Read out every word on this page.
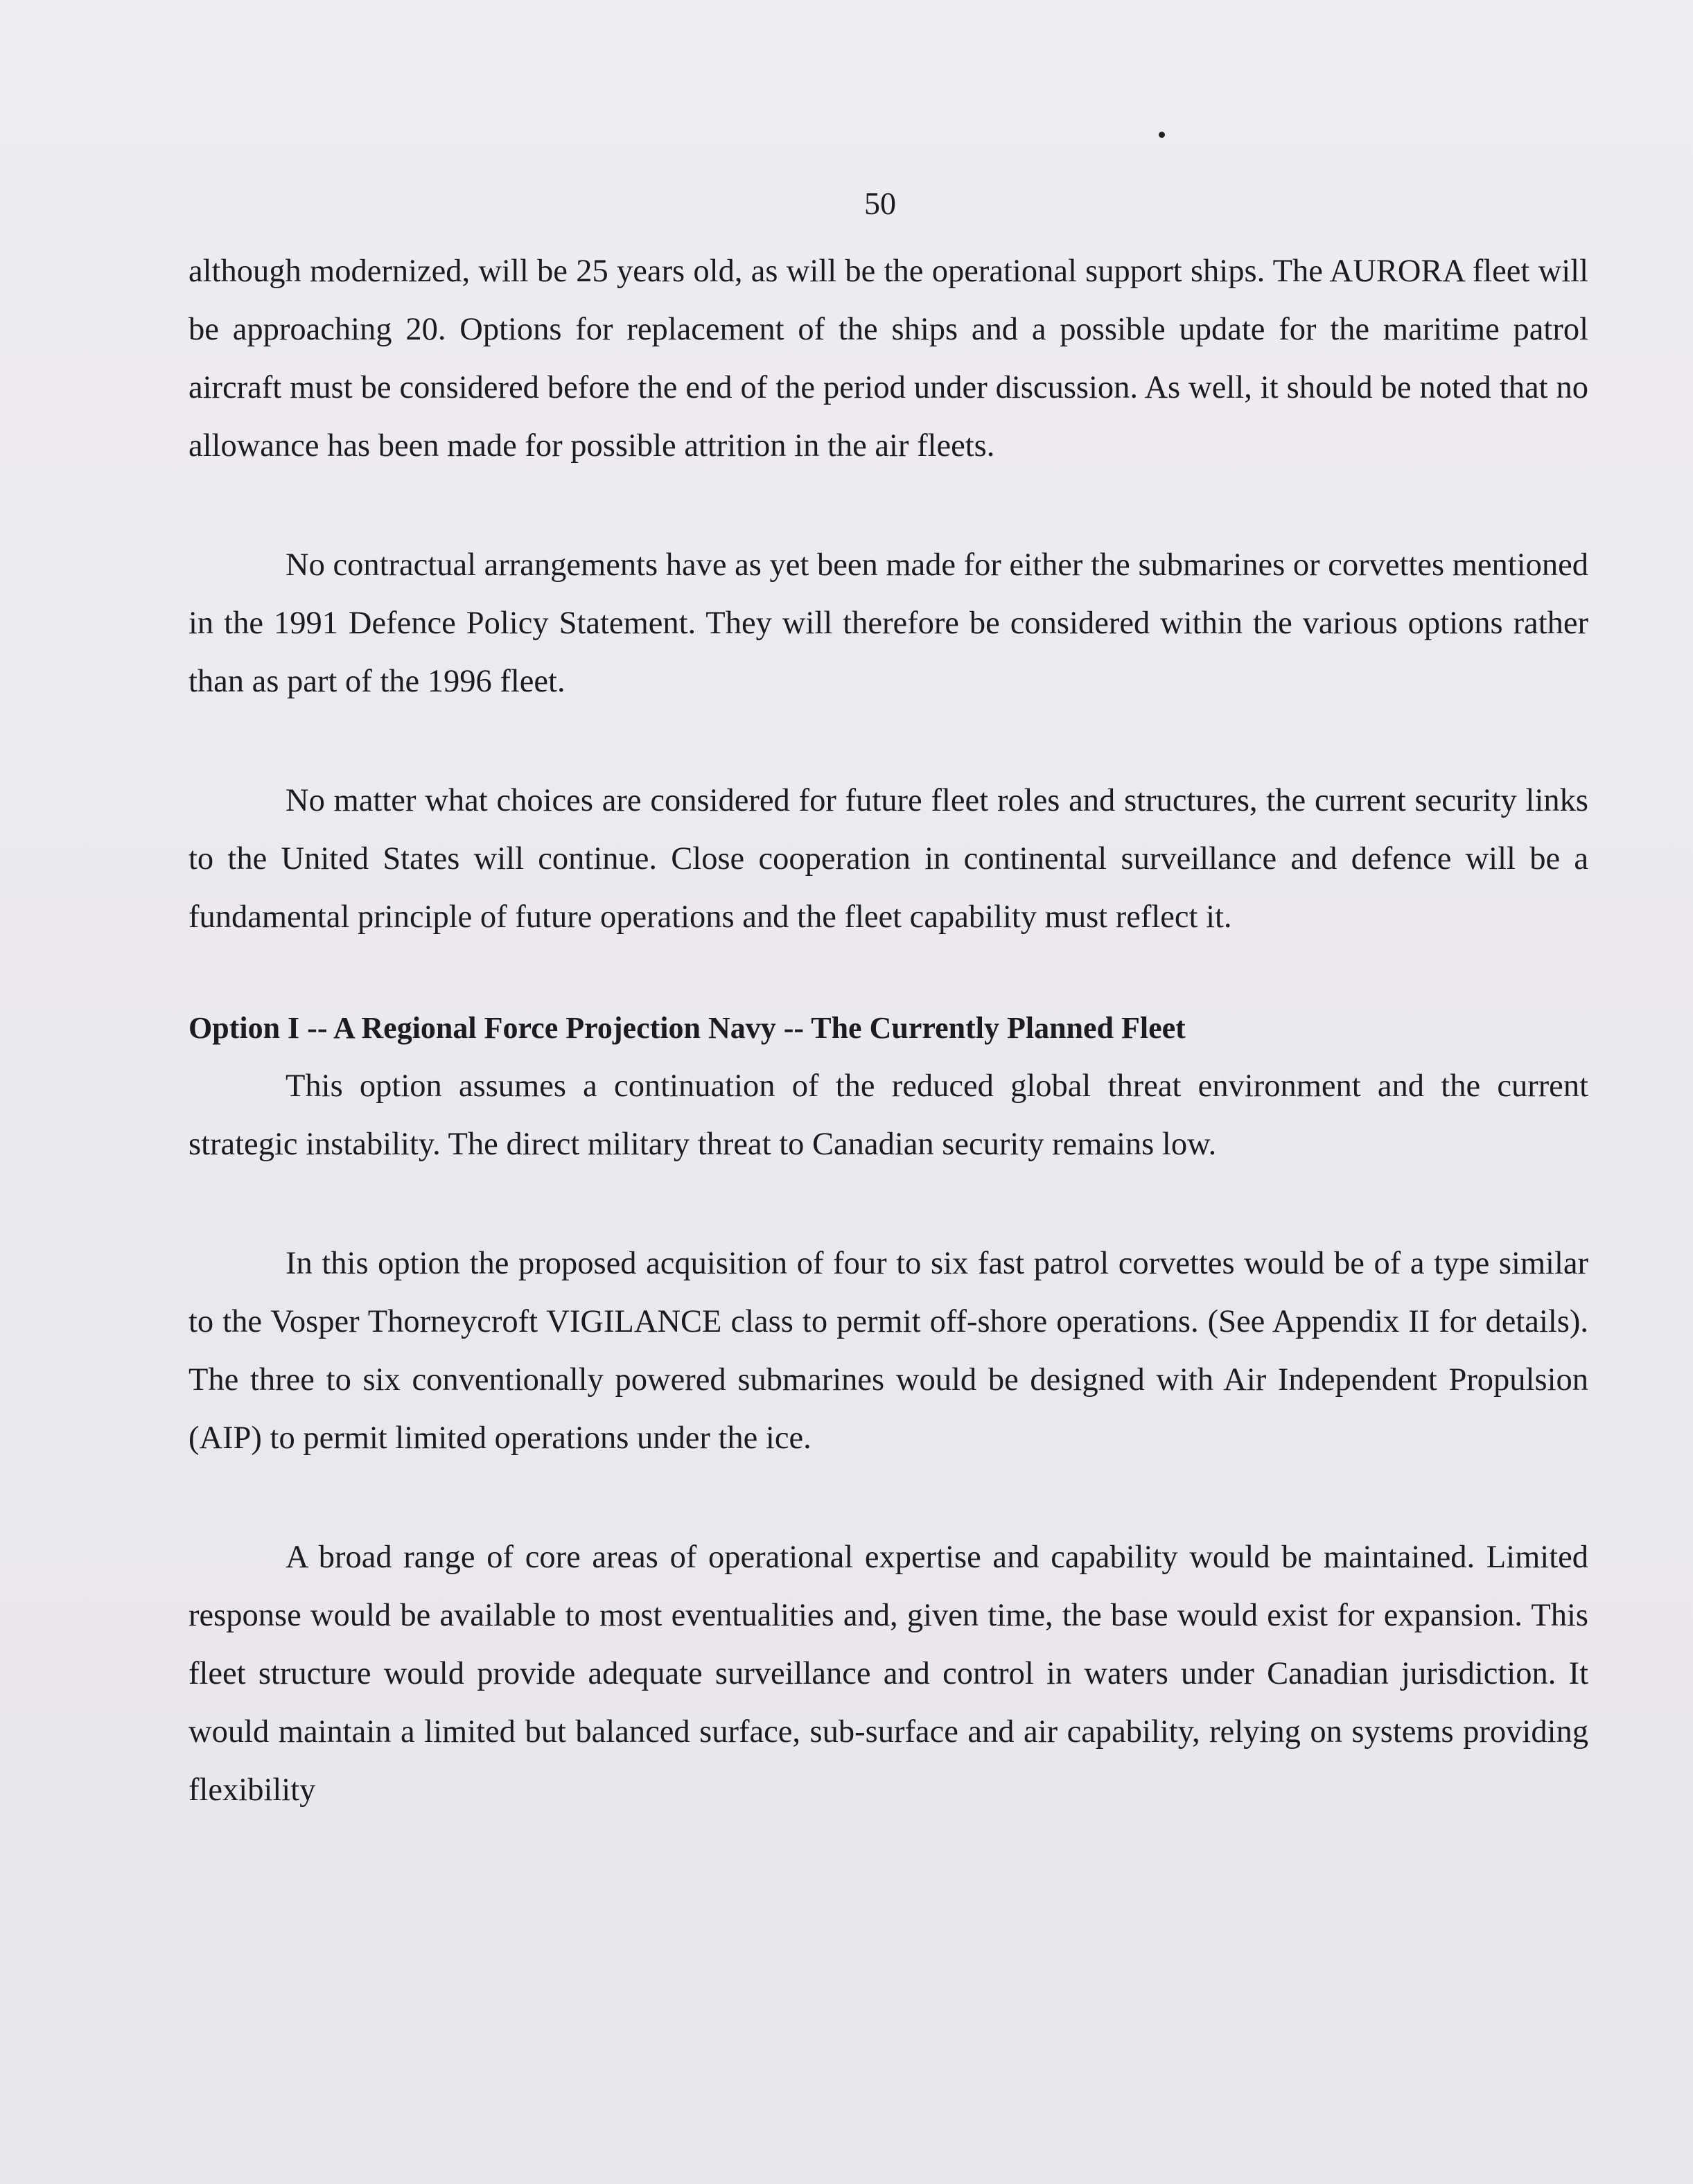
50

although modernized, will be 25 years old, as will be the operational support ships. The AURORA fleet will be approaching 20. Options for replacement of the ships and a possible update for the maritime patrol aircraft must be considered before the end of the period under discussion. As well, it should be noted that no allowance has been made for possible attrition in the air fleets.

No contractual arrangements have as yet been made for either the submarines or corvettes mentioned in the 1991 Defence Policy Statement. They will therefore be considered within the various options rather than as part of the 1996 fleet.

No matter what choices are considered for future fleet roles and structures, the current security links to the United States will continue. Close cooperation in continental surveillance and defence will be a fundamental principle of future operations and the fleet capability must reflect it.

Option I -- A Regional Force Projection Navy -- The Currently Planned Fleet

This option assumes a continuation of the reduced global threat environment and the current strategic instability. The direct military threat to Canadian security remains low.

In this option the proposed acquisition of four to six fast patrol corvettes would be of a type similar to the Vosper Thorneycroft VIGILANCE class to permit off-shore operations. (See Appendix II for details). The three to six conventionally powered submarines would be designed with Air Independent Propulsion (AIP) to permit limited operations under the ice.

A broad range of core areas of operational expertise and capability would be maintained. Limited response would be available to most eventualities and, given time, the base would exist for expansion. This fleet structure would provide adequate surveillance and control in waters under Canadian jurisdiction. It would maintain a limited but balanced surface, sub-surface and air capability, relying on systems providing flexibility
